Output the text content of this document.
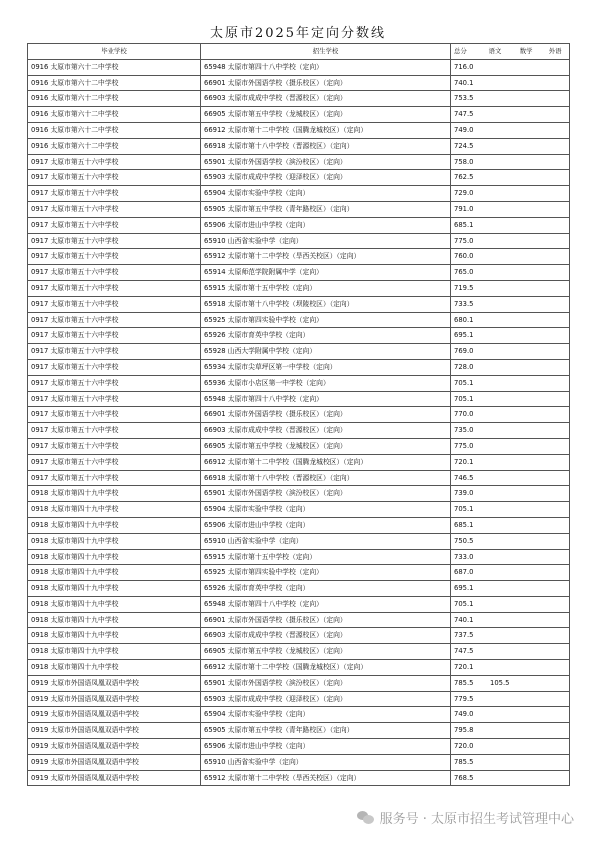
太原市2025年定向分数线
毕业学校	招生学校	总分 语文 数学 外语
0916 太原市第六十二中学校	65948 太原市第四十八中学校（定向）	716.0
0916 太原市第六十二中学校	66901 太原市外国语学校（摄乐校区）（定向）	740.1
0916 太原市第六十二中学校	66903 太原市成成中学校（晋源校区）（定向）	753.5
0916 太原市第六十二中学校	66905 太原市第五中学校（龙城校区）（定向）	747.5
0916 太原市第六十二中学校	66912 太原市第十二中学校（国腾龙城校区）（定向）	749.0
0916 太原市第六十二中学校	66918 太原市第十八中学校（晋源校区）（定向）	724.5
0917 太原市第五十六中学校	65901 太原市外国语学校（滨汾校区）（定向）	758.0
0917 太原市第五十六中学校	65903 太原市成成中学校（迎泽校区）（定向）	762.5
0917 太原市第五十六中学校	65904 太原市实验中学校（定向）	729.0
0917 太原市第五十六中学校	65905 太原市第五中学校（青年路校区）（定向）	791.0
0917 太原市第五十六中学校	65906 太原市进山中学校（定向）	685.1
0917 太原市第五十六中学校	65910 山西省实验中学（定向）	775.0
0917 太原市第五十六中学校	65912 太原市第十二中学校（旱西关校区）（定向）	760.0
0917 太原市第五十六中学校	65914 太原师范学院附属中学（定向）	765.0
0917 太原市第五十六中学校	65915 太原市第十五中学校（定向）	719.5
0917 太原市第五十六中学校	65918 太原市第十八中学校（坝陵校区）（定向）	733.5
0917 太原市第五十六中学校	65925 太原市第四实验中学校（定向）	680.1
0917 太原市第五十六中学校	65926 太原市育英中学校（定向）	695.1
0917 太原市第五十六中学校	65928 山西大学附属中学校（定向）	769.0
0917 太原市第五十六中学校	65934 太原市尖草坪区第一中学校（定向）	728.0
0917 太原市第五十六中学校	65936 太原市小店区第一中学校（定向）	705.1
0917 太原市第五十六中学校	65948 太原市第四十八中学校（定向）	705.1
0917 太原市第五十六中学校	66901 太原市外国语学校（摄乐校区）（定向）	770.0
0917 太原市第五十六中学校	66903 太原市成成中学校（晋源校区）（定向）	735.0
0917 太原市第五十六中学校	66905 太原市第五中学校（龙城校区）（定向）	775.0
0917 太原市第五十六中学校	66912 太原市第十二中学校（国腾龙城校区）（定向）	720.1
0917 太原市第五十六中学校	66918 太原市第十八中学校（晋源校区）（定向）	746.5
0918 太原市第四十九中学校	65901 太原市外国语学校（滨汾校区）（定向）	739.0
0918 太原市第四十九中学校	65904 太原市实验中学校（定向）	705.1
0918 太原市第四十九中学校	65906 太原市进山中学校（定向）	685.1
0918 太原市第四十九中学校	65910 山西省实验中学（定向）	750.5
0918 太原市第四十九中学校	65915 太原市第十五中学校（定向）	733.0
0918 太原市第四十九中学校	65925 太原市第四实验中学校（定向）	687.0
0918 太原市第四十九中学校	65926 太原市育英中学校（定向）	695.1
0918 太原市第四十九中学校	65948 太原市第四十八中学校（定向）	705.1
0918 太原市第四十九中学校	66901 太原市外国语学校（摄乐校区）（定向）	740.1
0918 太原市第四十九中学校	66903 太原市成成中学校（晋源校区）（定向）	737.5
0918 太原市第四十九中学校	66905 太原市第五中学校（龙城校区）（定向）	747.5
0918 太原市第四十九中学校	66912 太原市第十二中学校（国腾龙城校区）（定向）	720.1
0919 太原市外国语凤凰双语中学校	65901 太原市外国语学校（滨汾校区）（定向）	785.5 105.5
0919 太原市外国语凤凰双语中学校	65903 太原市成成中学校（迎泽校区）（定向）	779.5
0919 太原市外国语凤凰双语中学校	65904 太原市实验中学校（定向）	749.0
0919 太原市外国语凤凰双语中学校	65905 太原市第五中学校（青年路校区）（定向）	795.8
0919 太原市外国语凤凰双语中学校	65906 太原市进山中学校（定向）	720.0
0919 太原市外国语凤凰双语中学校	65910 山西省实验中学（定向）	785.5
0919 太原市外国语凤凰双语中学校	65912 太原市第十二中学校（旱西关校区）（定向）	768.5
服务号 · 太原市招生考试管理中心
